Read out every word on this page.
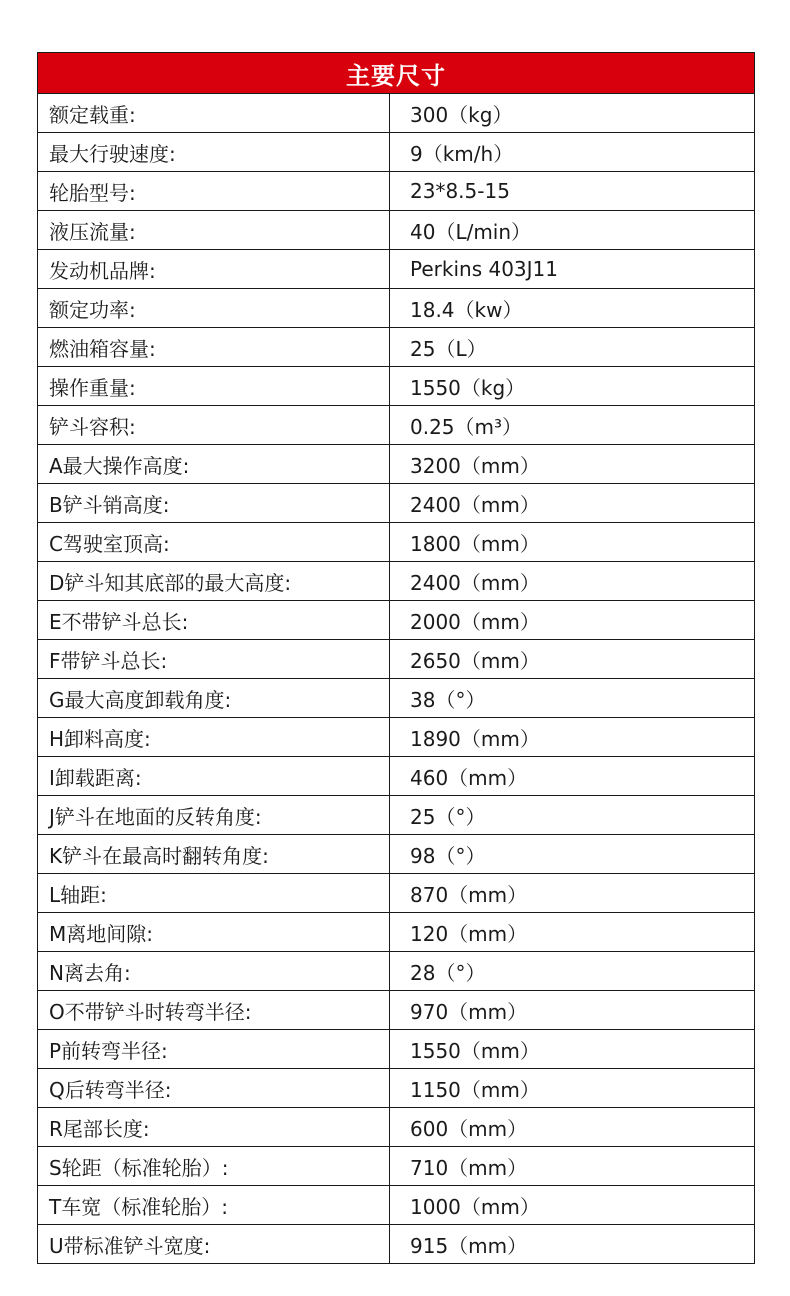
主要尺寸	
额定载重:	300（kg）
最大行驶速度:	9（km/h）
轮胎型号:	23*8.5-15
液压流量:	40（L/min）
发动机品牌:	Perkins 403J11
额定功率:	18.4（kw）
燃油箱容量:	25（L）
操作重量:	1550（kg）
铲斗容积:	0.25（m³）
A最大操作高度:	3200（mm）
B铲斗销高度:	2400（mm）
C驾驶室顶高:	1800（mm）
D铲斗知其底部的最大高度:	2400（mm）
E不带铲斗总长:	2000（mm）
F带铲斗总长:	2650（mm）
G最大高度卸载角度:	38（°）
H卸料高度:	1890（mm）
I卸载距离:	460（mm）
J铲斗在地面的反转角度:	25（°）
K铲斗在最高时翻转角度:	98（°）
L轴距:	870（mm）
M离地间隙:	120（mm）
N离去角:	28（°）
O不带铲斗时转弯半径:	970（mm）
P前转弯半径:	1550（mm）
Q后转弯半径:	1150（mm）
R尾部长度:	600（mm）
S轮距（标准轮胎）:	710（mm）
T车宽（标准轮胎）:	1000（mm）
U带标准铲斗宽度:	915（mm）
